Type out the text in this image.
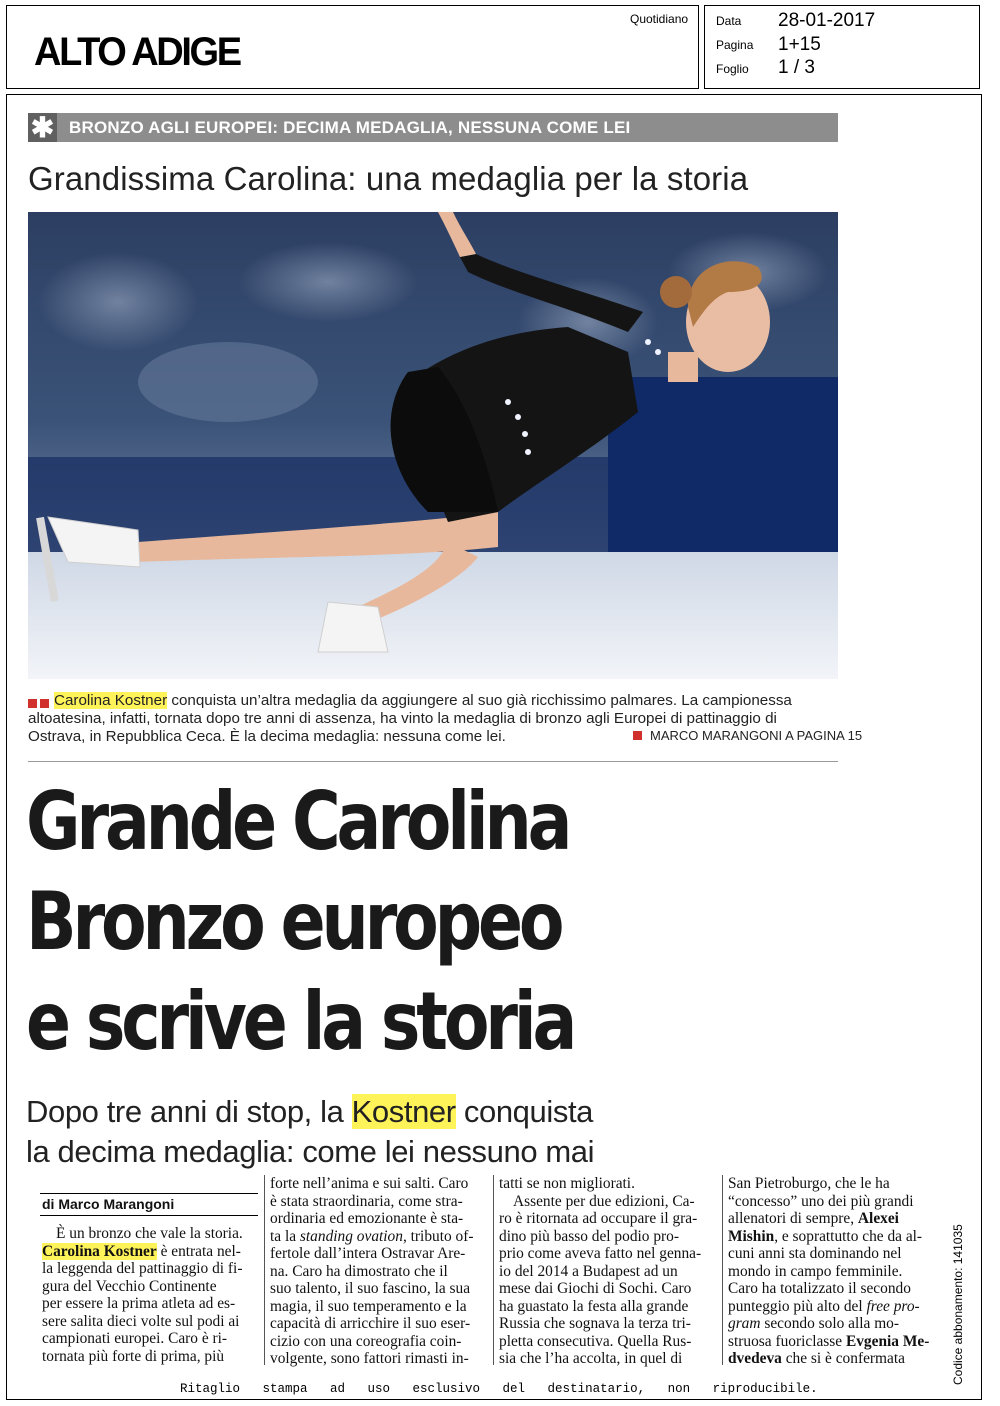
ALTO ADIGE
Quotidiano Data 28-01-2017
Pagina 1+15
Foglio 1 / 3
✱ BRONZO AGLI EUROPEI: DECIMA MEDAGLIA, NESSUNA COME LEI
Grandissima Carolina: una medaglia per la storia
Carolina Kostner conquista un’altra medaglia da aggiungere al suo già ricchissimo palmares. La campionessa
altoatesina, infatti, tornata dopo tre anni di assenza, ha vinto la medaglia di bronzo agli Europei di pattinaggio di
Ostrava, in Repubblica Ceca. È la decima medaglia: nessuna come lei.	MARCO MARANGONI A PAGINA 15
Grande Carolina
Bronzo europeo
e scrive la storia
Dopo tre anni di stop, la Kostner conquista
la decima medaglia: come lei nessuno mai
di Marco Marangoni

È un bronzo che vale la storia.

Carolina Kostner è entrata nel-

la leggenda del pattinaggio di fi-

gura del Vecchio Continente

per essere la prima atleta ad es-

sere salita dieci volte sul podi ai

campionati europei. Caro è ri-

tornata più forte di prima, più

forte nell’anima e sui salti. Caro

è stata straordinaria, come stra-

ordinaria ed emozionante è sta-

ta la standing ovation, tributo of-

fertole dall’intera Ostravar Are-

na. Caro ha dimostrato che il

suo talento, il suo fascino, la sua

magia, il suo temperamento e la

capacità di arricchire il suo eser-

cizio con una coreografia coin-

volgente, sono fattori rimasti in-

tatti se non migliorati.

Assente per due edizioni, Ca-

ro è ritornata ad occupare il gra-

dino più basso del podio pro-

prio come aveva fatto nel genna-

io del 2014 a Budapest ad un

mese dai Giochi di Sochi. Caro

ha guastato la festa alla grande

Russia che sognava la terza tri-

pletta consecutiva. Quella Rus-

sia che l’ha accolta, in quel di

San Pietroburgo, che le ha

“concesso” uno dei più grandi

allenatori di sempre, Alexei

Mishin, e soprattutto che da al-

cuni anni sta dominando nel

mondo in campo femminile.

Caro ha totalizzato il secondo

punteggio più alto del free pro-

gram secondo solo alla mo-

struosa fuoriclasse Evgenia Me-

dvedeva che si è confermata

Ritaglio   stampa   ad   uso   esclusivo   del   destinatario,   non   riproducibile.
Codice abbonamento: 141035
